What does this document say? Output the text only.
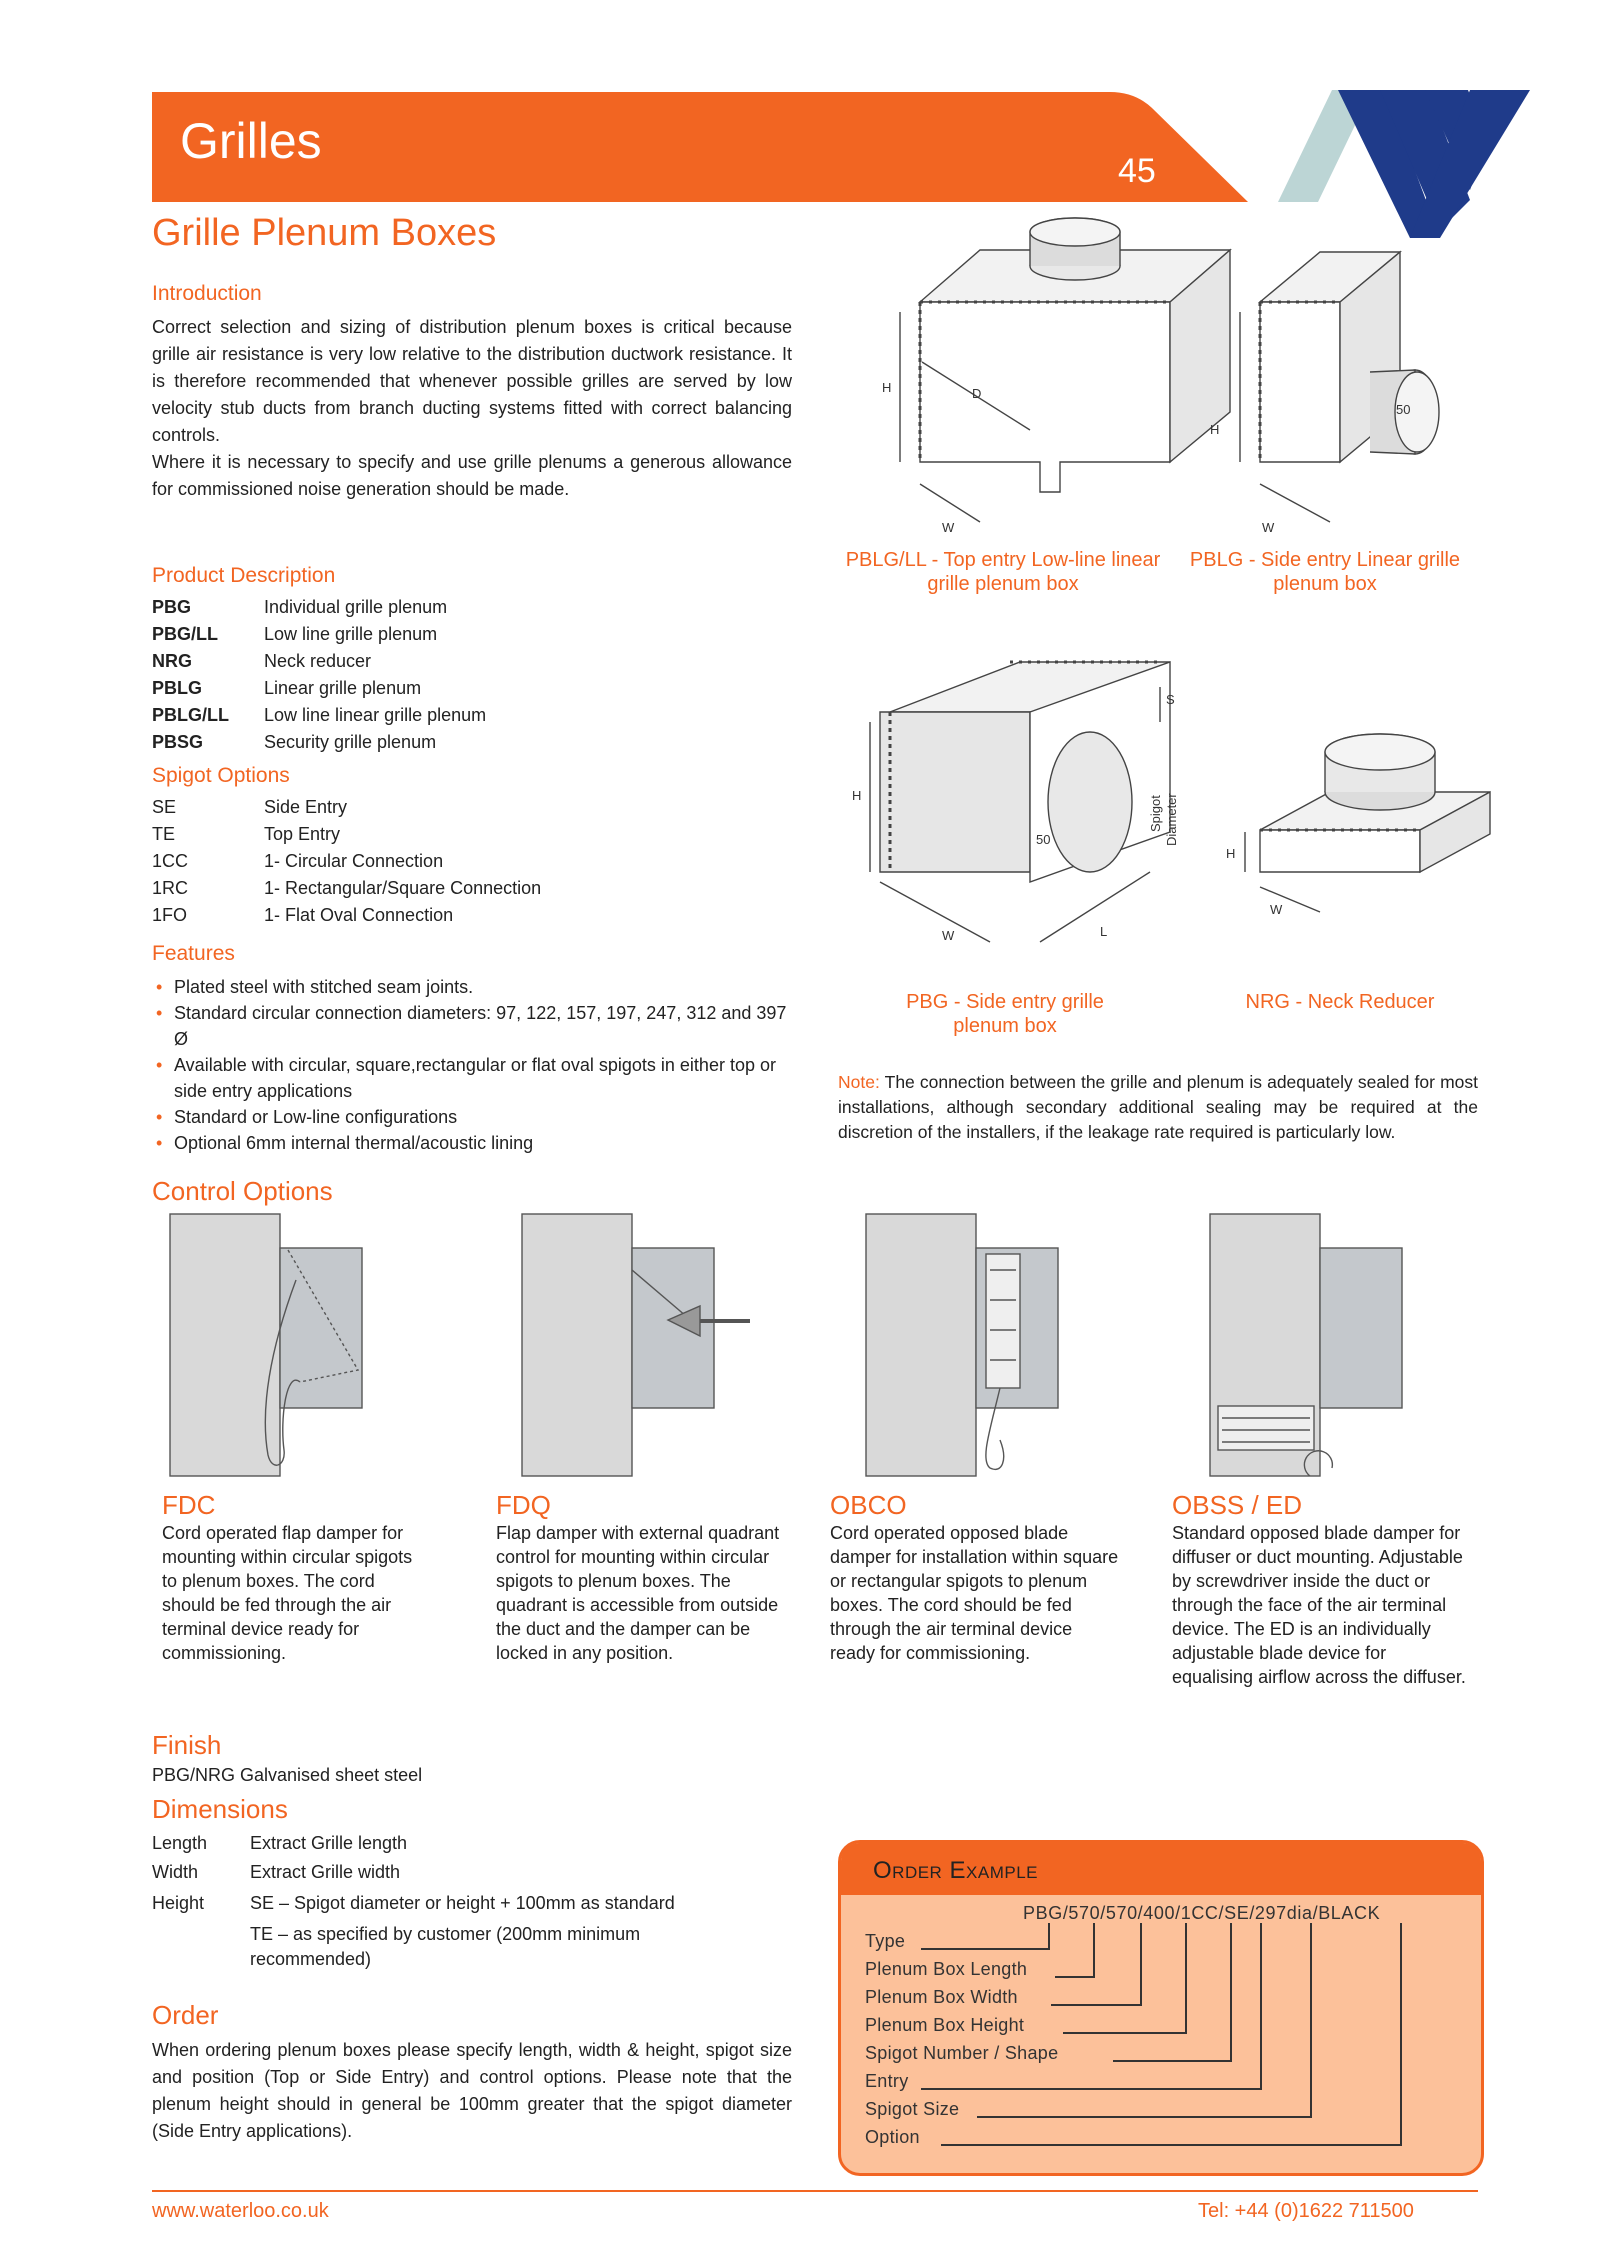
Grilles
45
Grille Plenum Boxes
Introduction
Correct selection and sizing of distribution plenum boxes is critical because grille air resistance is very low relative to the distribution ductwork resistance. It is therefore recommended that whenever possible grilles are served by low velocity stub ducts from branch ducting systems fitted with correct balancing controls.
Where it is necessary to specify and use grille plenums a generous allowance for commissioned noise generation should be made.
Product Description
PBG	Individual grille plenum
PBG/LL	Low line grille plenum
NRG	Neck reducer
PBLG	Linear grille plenum
PBLG/LL	Low line linear grille plenum
PBSG	Security grille plenum
Spigot Options
SE	Side Entry
TE	Top Entry
1CC	1- Circular Connection
1RC	1- Rectangular/Square Connection
1FO	1- Flat Oval Connection
Features
• Plated steel with stitched seam joints.
• Standard circular connection diameters: 97, 122, 157, 197, 247, 312 and 397 Ø
• Available with circular, square,rectangular or flat oval spigots in either top or side entry applications
• Standard or Low-line configurations
• Optional 6mm internal thermal/acoustic lining
H	D
W
H
50
W
H
50
W	L
S
Spigot Diameter
H
W
PBLG/LL - Top entry Low-line linear grille plenum box
PBLG - Side entry Linear grille plenum box
PBG - Side entry grille plenum box
NRG - Neck Reducer
Note: The connection between the grille and plenum is adequately sealed for most installations, although secondary additional sealing may be required at the discretion of the installers, if the leakage rate required is particularly low.
Control Options
FDC
Cord operated flap damper for mounting within circular spigots to plenum boxes. The cord should be fed through the air terminal device ready for commissioning.
FDQ
Flap damper with external quadrant control for mounting within circular spigots to plenum boxes. The quadrant is accessible from outside the duct and the damper can be locked in any position.
OBCO
Cord operated opposed blade damper for installation within square or rectangular spigots to plenum boxes. The cord should be fed through the air terminal device ready for commissioning.
OBSS / ED
Standard opposed blade damper for diffuser or duct mounting. Adjustable by screwdriver inside the duct or through the face of the air terminal device. The ED is an individually adjustable blade device for equalising airflow across the diffuser.
Finish
PBG/NRG Galvanised sheet steel
Dimensions
Length	Extract Grille length
Width	Extract Grille width
Height	SE – Spigot diameter or height + 100mm as standard
TE – as specified by customer (200mm minimum recommended)
Order
When ordering plenum boxes please specify length, width & height, spigot size and position (Top or Side Entry) and control options. Please note that the plenum height should in general be 100mm greater that the spigot diameter (Side Entry applications).
Order Example
PBG/570/570/400/1CC/SE/297dia/BLACK
Type
Plenum Box Length
Plenum Box Width
Plenum Box Height
Spigot Number / Shape
Entry
Spigot Size
Option
www.waterloo.co.uk	Tel: +44 (0)1622 711500
